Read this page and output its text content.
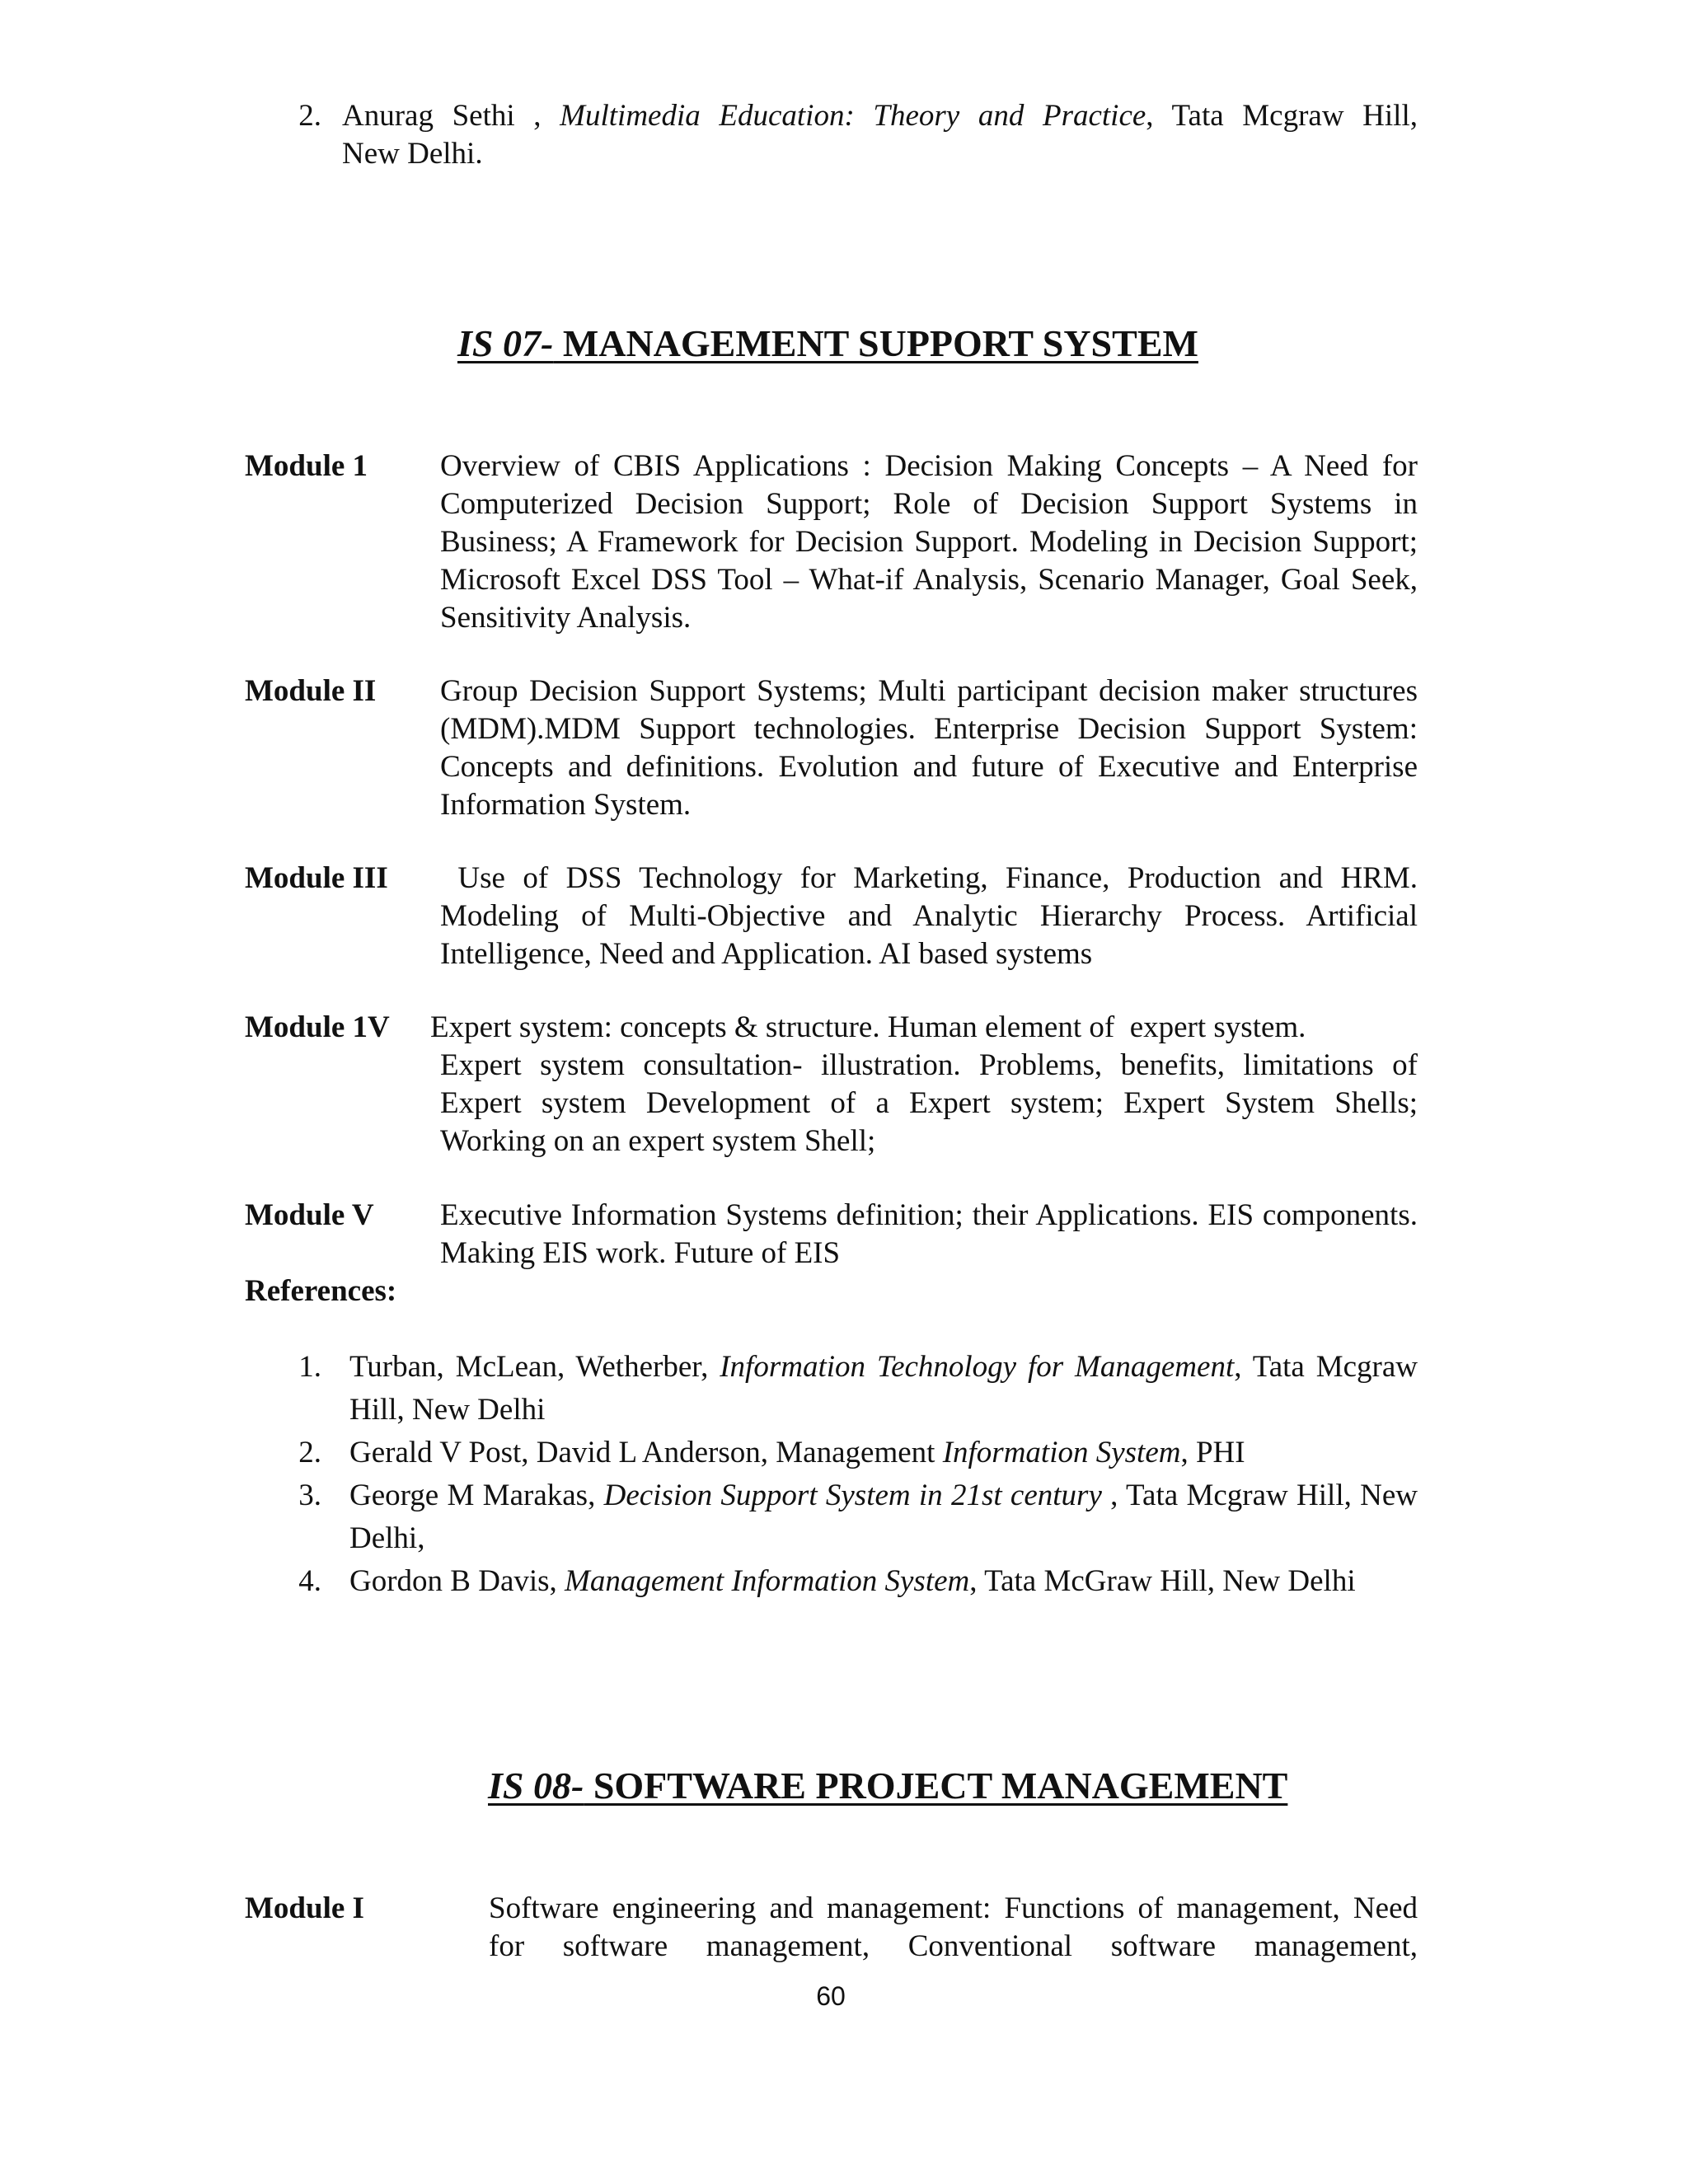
2. Anurag Sethi , Multimedia Education: Theory and Practice, Tata Mcgraw Hill,
New Delhi.
IS 07- MANAGEMENT SUPPORT SYSTEM
Module 1 Overview of CBIS Applications : Decision Making Concepts – A Need for Computerized Decision Support; Role of Decision Support Systems in Business; A Framework for Decision Support. Modeling in Decision Support; Microsoft Excel DSS Tool – What-if Analysis, Scenario Manager, Goal Seek, Sensitivity Analysis.
Module II Group Decision Support Systems; Multi participant decision maker structures (MDM).MDM Support technologies. Enterprise Decision Support System: Concepts and definitions. Evolution and future of Executive and Enterprise Information System.
Module III Use of DSS Technology for Marketing, Finance, Production and HRM. Modeling of Multi-Objective and Analytic Hierarchy Process. Artificial Intelligence, Need and Application. AI based systems
Module 1V Expert system: concepts & structure. Human element of  expert system.
Expert system consultation- illustration. Problems, benefits, limitations of Expert system Development of a Expert system; Expert System Shells; Working on an expert system Shell;
Module V Executive Information Systems definition; their Applications. EIS components. Making EIS work. Future of EIS
References:
1. Turban, McLean, Wetherber, Information Technology for Management, Tata Mcgraw Hill, New Delhi
2. Gerald V Post, David L Anderson, Management Information System, PHI
3. George M Marakas, Decision Support System in 21st century , Tata Mcgraw Hill, New Delhi,
4. Gordon B Davis, Management Information System, Tata McGraw Hill, New Delhi
IS 08- SOFTWARE PROJECT MANAGEMENT
Module I	Software engineering and management: Functions of management, Need for software management, Conventional software management,
60
